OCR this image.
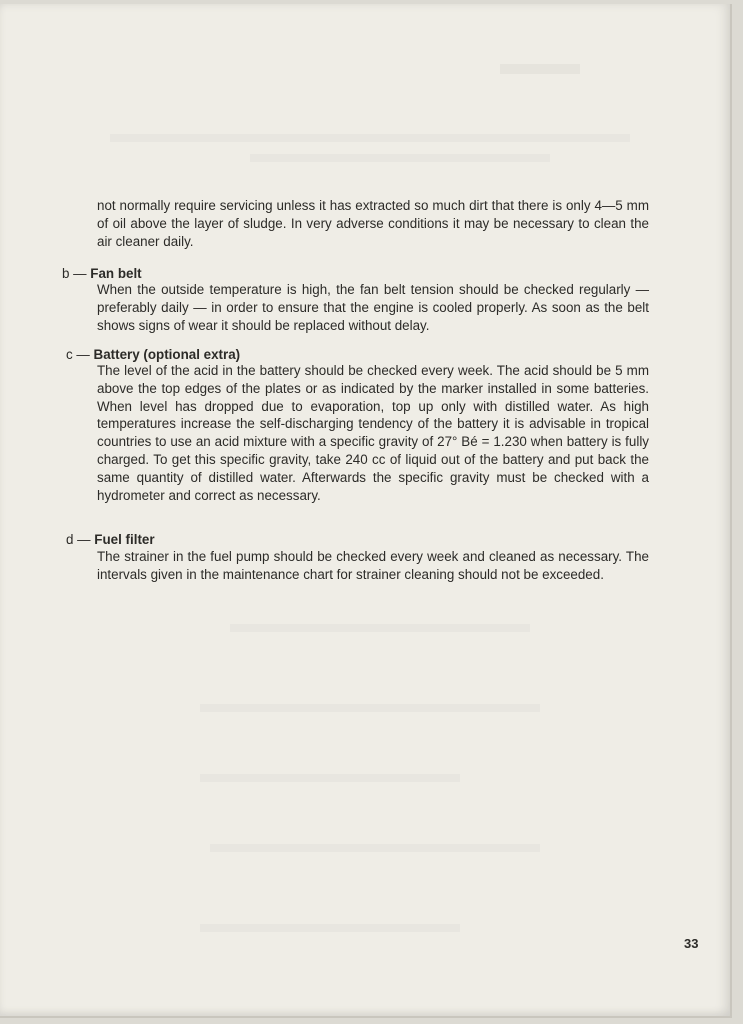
not normally require servicing unless it has extracted so much dirt that there is only 4—5 mm of oil above the layer of sludge. In very adverse conditions it may be necessary to clean the air cleaner daily.

b — Fan belt

When the outside temperature is high, the fan belt tension should be checked regularly — preferably daily — in order to ensure that the engine is cooled properly. As soon as the belt shows signs of wear it should be replaced without delay.

c — Battery (optional extra)

The level of the acid in the battery should be checked every week. The acid should be 5 mm above the top edges of the plates or as indicated by the marker installed in some batteries. When level has dropped due to evaporation, top up only with distilled water. As high temperatures increase the self-discharging tendency of the battery it is advisable in tropical countries to use an acid mixture with a specific gravity of 27° Bé = 1.230 when battery is fully charged. To get this specific gravity, take 240 cc of liquid out of the battery and put back the same quantity of distilled water. Afterwards the specific gravity must be checked with a hydrometer and correct as necessary.

d — Fuel filter

The strainer in the fuel pump should be checked every week and cleaned as necessary. The intervals given in the maintenance chart for strainer cleaning should not be exceeded.

33
